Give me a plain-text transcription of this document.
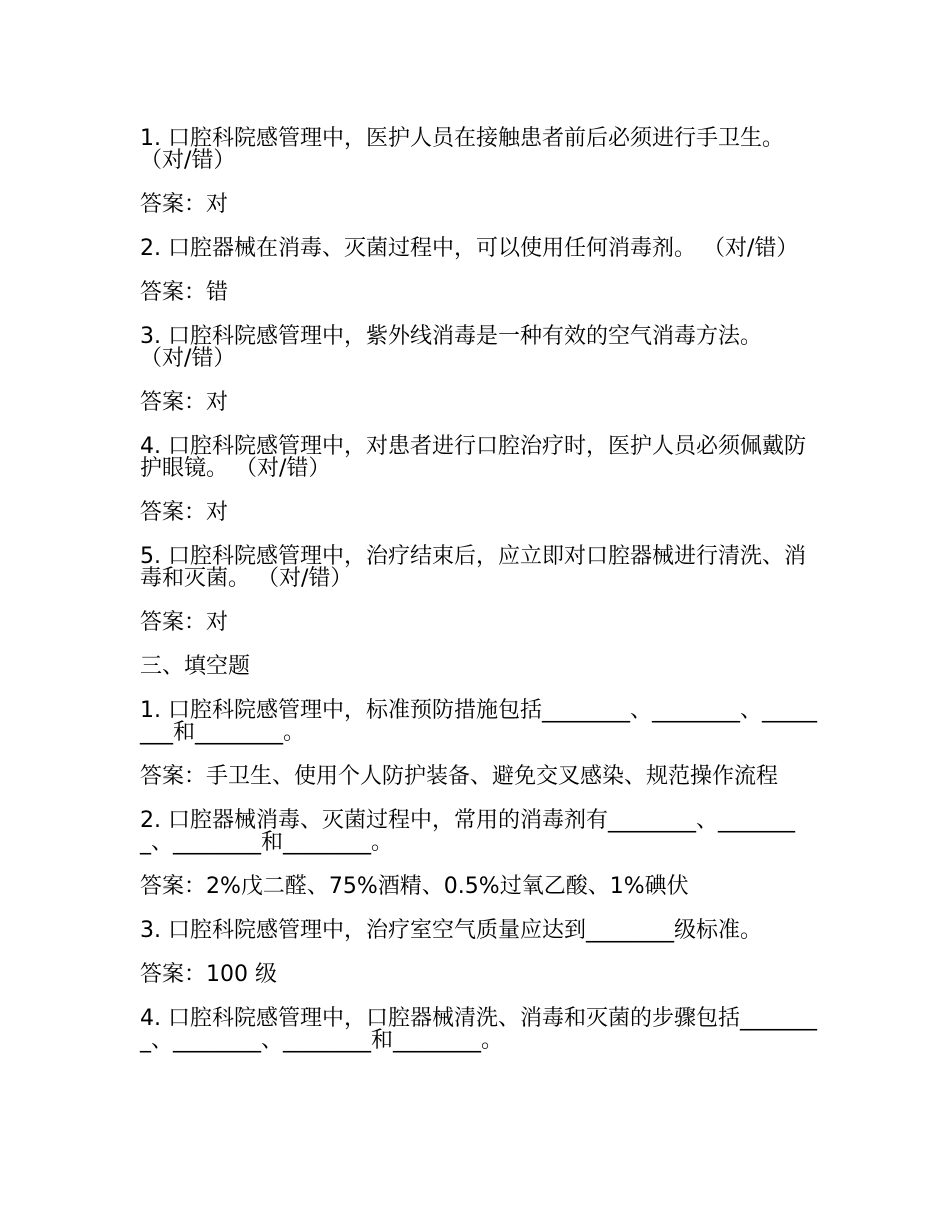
1. 口腔科院感管理中，医护人员在接触患者前后必须进行手卫生。 （对/错）

答案：对

2. 口腔器械在消毒、灭菌过程中，可以使用任何消毒剂。 （对/错）

答案：错

3. 口腔科院感管理中，紫外线消毒是一种有效的空气消毒方法。 （对/错）

答案：对

4. 口腔科院感管理中，对患者进行口腔治疗时，医护人员必须佩戴防护眼镜。 （对/错）

答案：对

5. 口腔科院感管理中，治疗结束后，应立即对口腔器械进行清洗、消毒和灭菌。 （对/错）

答案：对

三、填空题

1. 口腔科院感管理中，标准预防措施包括________、________、________和________。

答案：手卫生、使用个人防护装备、避免交叉感染、规范操作流程

2. 口腔器械消毒、灭菌过程中，常用的消毒剂有________、________、________和________。

答案：2%戊二醛、75%酒精、0.5%过氧乙酸、1%碘伏

3. 口腔科院感管理中，治疗室空气质量应达到________级标准。

答案：100 级

4. 口腔科院感管理中，口腔器械清洗、消毒和灭菌的步骤包括________、________、________和________。
